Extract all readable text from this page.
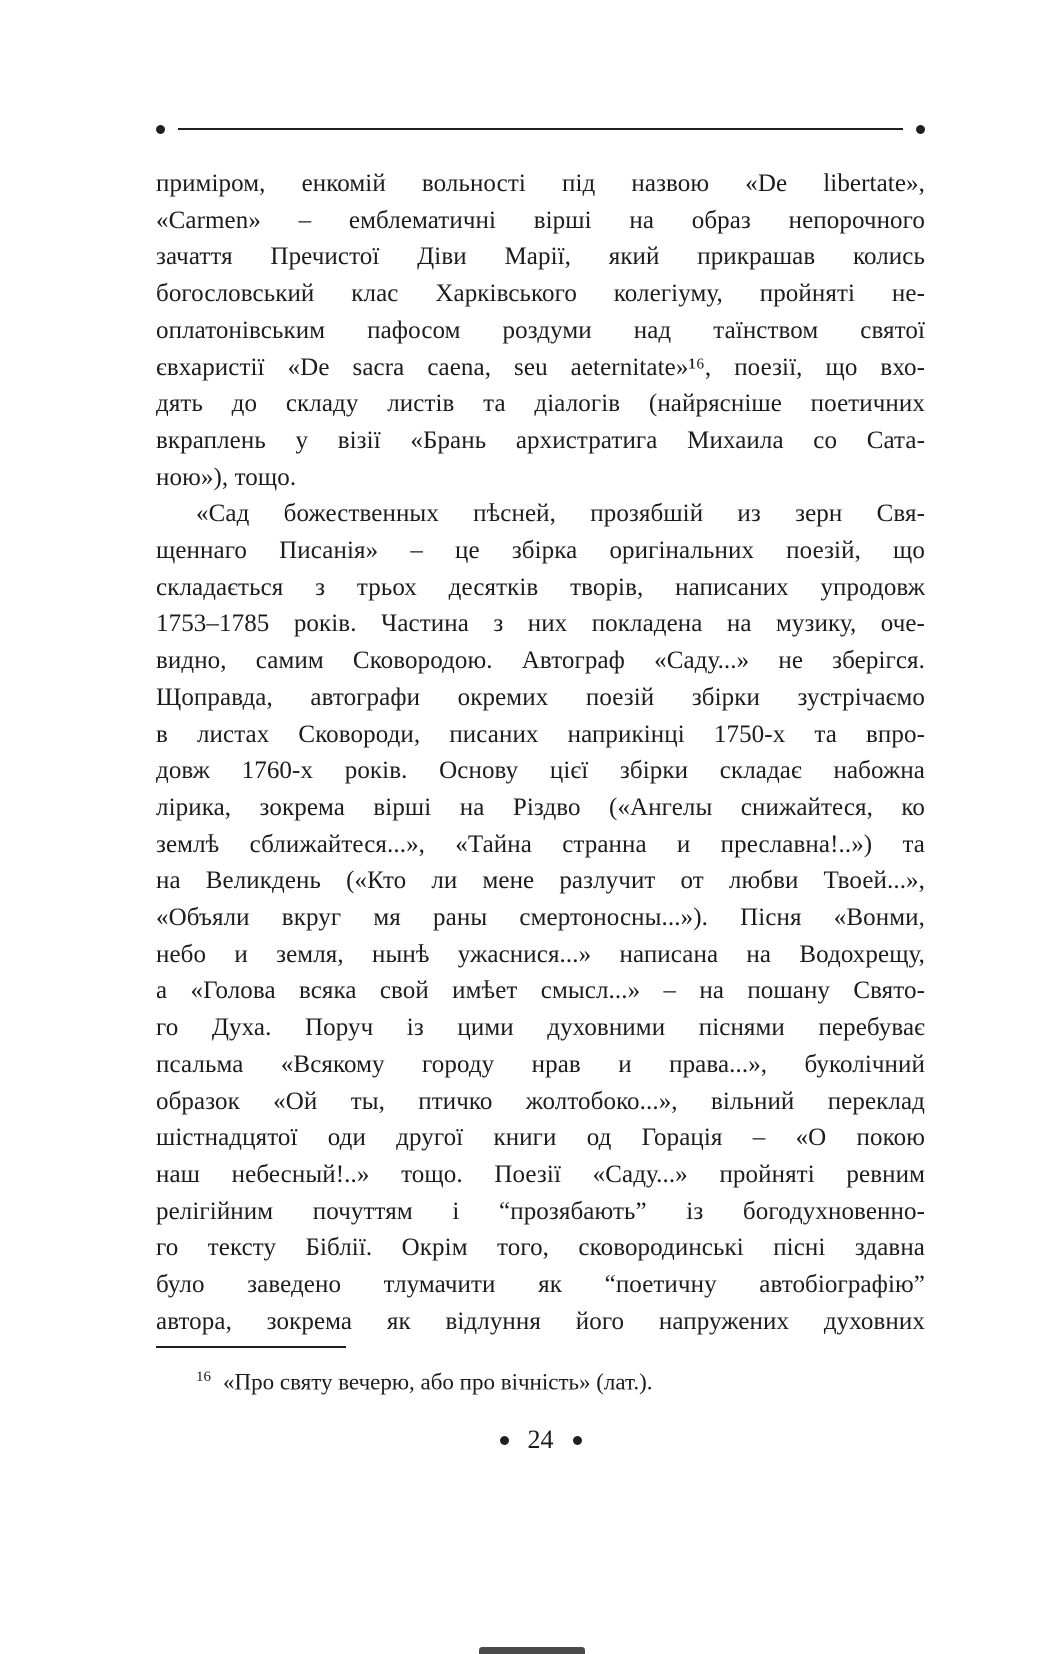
приміром, енкомій вольності під назвою «De libertate»,
«Carmen» – емблематичні вірші на образ непорочного
зачаття Пречистої Діви Марії, який прикрашав колись
богословський клас Харківського колегіуму, пройняті не-
оплатонівським пафосом роздуми над таїнством святої
євхаристії «De sacra caena, seu aeternitate»¹⁶, поезії, що вхо-
дять до складу листів та діалогів (найрясніше поетичних
вкраплень у візії «Брань архистратига Михаила со Сата-
ною»), тощо.
«Сад божественных пѣсней, прозябшій из зерн Свя-
щеннаго Писанія» – це збірка оригінальних поезій, що
складається з трьох десятків творів, написаних упродовж
1753–1785 років. Частина з них покладена на музику, оче-
видно, самим Сковородою. Автограф «Саду...» не зберігся.
Щоправда, автографи окремих поезій збірки зустрічаємо
в листах Сковороди, писаних наприкінці 1750-х та впро-
довж 1760-х років. Основу цієї збірки складає набожна
лірика, зокрема вірші на Різдво («Ангелы снижайтеся, ко
землѣ сближайтеся...», «Тайна странна и преславна!..») та
на Великдень («Кто ли мене разлучит от любви Твоей...»,
«Объяли вкруг мя раны смертоносны...»). Пісня «Вонми,
небо и земля, нынѣ ужаснися...» написана на Водохрещу,
а «Голова всяка свой имѣет смысл...» – на пошану Свято-
го Духа. Поруч із цими духовними піснями перебуває
псальма «Всякому городу нрав и права...», буколічний
образок «Ой ты, птичко жолтобоко...», вільний переклад
шістнадцятої оди другої книги од Горація – «О покою
наш небесный!..» тощо. Поезії «Саду...» пройняті ревним
релігійним почуттям і “прозябають” із богодухновенно-
го тексту Біблії. Окрім того, сковородинські пісні здавна
було заведено тлумачити як “поетичну автобіографію”
автора, зокрема як відлуння його напружених духовних
$^{16}$ «Про святу вечерю, або про вічність» (лат.).
24
